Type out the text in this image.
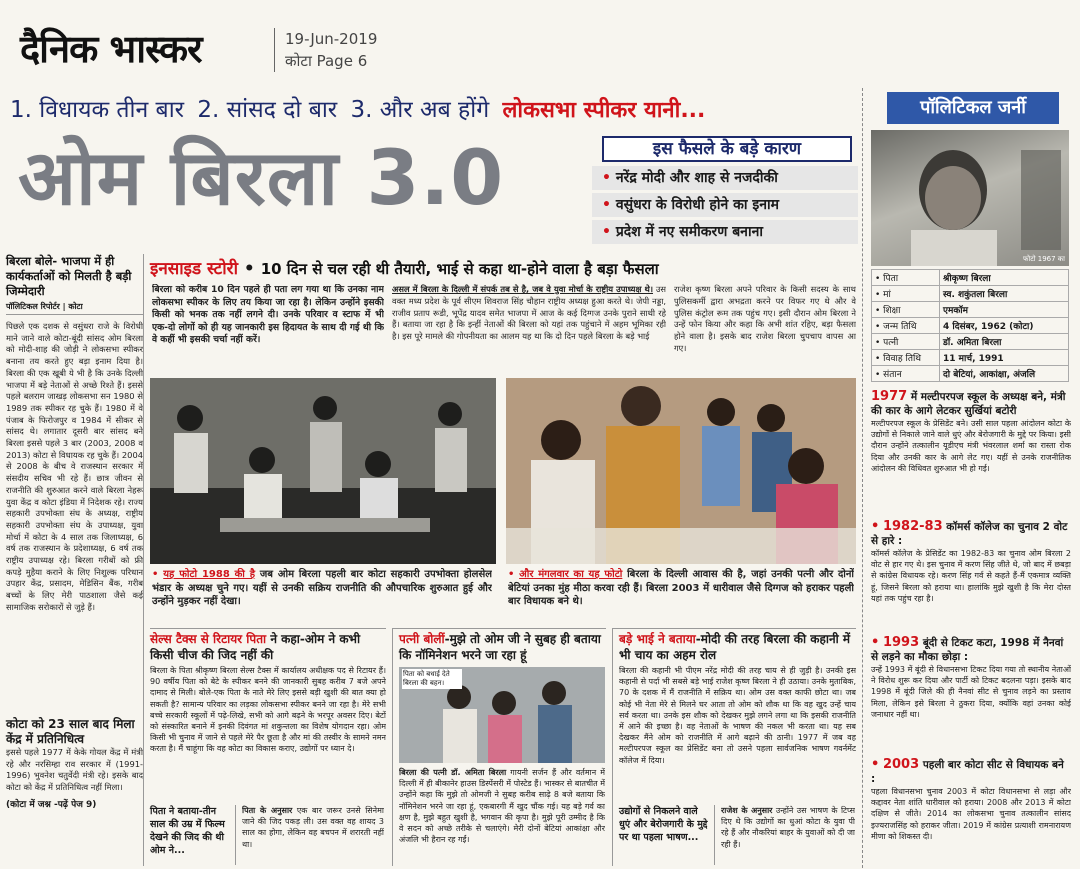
दैनिक भास्कर	19-Jun-2019
कोटा Page 6
1. विधायक तीन बार 2. सांसद दो बार 3. और अब होंगे लोकसभा स्पीकर यानी...
ओम बिरला 3.0	इस फैसले के बड़े कारण
• नरेंद्र मोदी और शाह से नजदीकी
• वसुंधरा के विरोधी होने का इनाम
• प्रदेश में नए समीकरण बनाना
पॉलिटिकल जर्नी
फोटो 1967 का
• पिता	श्रीकृष्ण बिरला
• मां	स्व. शकुंतला बिरला
• शिक्षा	एमकॉम
• जन्म तिथि	4 दिसंबर, 1962 (कोटा)
• पत्नी	डॉ. अमिता बिरला
• विवाह तिथि	11 मार्च, 1991
• संतान	दो बेटियां, आकांक्षा, अंजलि
1977 में मल्टीपरपज स्कूल के अध्यक्ष बने, मंत्री की कार के आगे लेटकर सुर्खियां बटोरी
मल्टीपरपज स्कूल के प्रेसिडेंट बने। उसी साल पहला आंदोलन कोटा के उद्योगों से निकाले जाने वाले धुएं और बेरोजगारी के मुद्दे पर किया। इसी दौरान उन्होंने तत्कालीन यूडीएच मंत्री भंवरलाल शर्मा का रास्ता रोक दिया और उनकी कार के आगे लेट गए। यहीं से उनके राजनीतिक आंदोलन की विधिवत शुरुआत भी हो गई।
• 1982-83 कॉमर्स कॉलेज का चुनाव 2 वोट से हारे :
कॉमर्स कॉलेज के प्रेसिडेंट का 1982-83 का चुनाव ओम बिरला 2 वोट से हार गए थे। इस चुनाव में करण सिंह जीते थे, जो बाद में छबड़ा से कांग्रेस विधायक रहे। करण सिंह गर्व से कहते हैं-मैं एकमात्र व्यक्ति हूं, जिसने बिरला को हराया था। हालांकि मुझे खुशी है कि मेरा दोस्त यहां तक पहुंच रहा है।
• 1993 बूंदी से टिकट कटा, 1998 में नैनवां से लड़ने का मौका छोड़ा :
उन्हें 1993 में बूंदी से विधानसभा टिकट दिया गया तो स्थानीय नेताओं ने विरोध शुरू कर दिया और पार्टी को टिकट बदलना पड़ा। इसके बाद 1998 में बूंदी जिले की ही नैनवां सीट से चुनाव लड़ने का प्रस्ताव मिला, लेकिन इसे बिरला ने ठुकरा दिया, क्योंकि वहां उनका कोई जनाधार नहीं था।
• 2003 पहली बार कोटा सीट से विधायक बने :
पहला विधानसभा चुनाव 2003 में कोटा विधानसभा से लड़ा और कद्दावर नेता शांति धारीवाल को हराया। 2008 और 2013 में कोटा दक्षिण से जीते। 2014 का लोकसभा चुनाव तत्कालीन सांसद इज्यराजसिंह को हराकर जीता। 2019 में कांग्रेस प्रत्याशी रामनारायण मीणा को शिकस्त दी।
बिरला बोले- भाजपा में ही कार्यकर्ताओं को मिलती है बड़ी जिम्मेदारी
पॉलिटिकल रिपोर्टर | कोटा
पिछले एक दशक से वसुंधरा राजे के विरोधी माने जाने वाले कोटा-बूंदी सांसद ओम बिरला को मोदी-शाह की जोड़ी ने लोकसभा स्पीकर बनाना तय करते हुए बड़ा इनाम दिया है। बिरला की एक खूबी ये भी है कि उनके दिल्ली भाजपा में बड़े नेताओं से अच्छे रिश्ते हैं। इससे पहले बलराम जाखड़ लोकसभा सन 1980 से 1989 तक स्पीकर रह चुके हैं। 1980 में वे पंजाब के फिरोजपुर व 1984 में सीकर से सांसद थे। लगातार दूसरी बार सांसद बने बिरला इससे पहले 3 बार (2003, 2008 व 2013) कोटा से विधायक रह चुके हैं। 2004 से 2008 के बीच वे राजस्थान सरकार में संसदीय सचिव भी रहे हैं। छात्र जीवन से राजनीति की शुरुआत करने वाले बिरला नेहरू युवा केंद्र व कोटा इंडिया में निदेशक रहे। राज्य सहकारी उपभोक्ता संघ के अध्यक्ष, राष्ट्रीय सहकारी उपभोक्ता संघ के उपाध्यक्ष, युवा मोर्चा में कोटा के 4 साल तक जिलाध्यक्ष, 6 वर्ष तक राजस्थान के प्रदेशाध्यक्ष, 6 वर्ष तक राष्ट्रीय उपाध्यक्ष रहे। बिरला गरीबों को फ्री कपड़े मुहैया कराने के लिए निशुल्क परिधान उपहार केंद्र, प्रसादम, मेडिसिन बैंक, गरीब बच्चों के लिए मेरी पाठशाला जैसे कई सामाजिक सरोकारों से जुड़े हैं।
कोटा को 23 साल बाद मिला केंद्र में प्रतिनिधित्व
इससे पहले 1977 में केके गोयल केंद्र में मंत्री रहे और नरसिम्हा राव सरकार में (1991-1996) भुवनेश चतुर्वेदी मंत्री रहे। इसके बाद कोटा को केंद्र में प्रतिनिधित्व नहीं मिला।
(कोटा में जश्न -पढ़ें पेज 9)
इनसाइड स्टोरी • 10 दिन से चल रही थी तैयारी, भाई से कहा था-होने वाला है बड़ा फैसला
बिरला को करीब 10 दिन पहले ही पता लग गया था कि उनका नाम लोकसभा स्पीकर के लिए तय किया जा रहा है। लेकिन उन्होंने इसकी किसी को भनक तक नहीं लगने दी। उनके परिवार व स्टाफ में भी एक-दो लोगों को ही यह जानकारी इस हिदायत के साथ दी गई थी कि वे कहीं भी इसकी चर्चा नहीं करें।
असल में बिरला के दिल्ली में संपर्क तब से है, जब वे युवा मोर्चा के राष्ट्रीय उपाध्यक्ष थे। उस वक्त मध्य प्रदेश के पूर्व सीएम शिवराज सिंह चौहान राष्ट्रीय अध्यक्ष हुआ करते थे। जेपी नड्डा, राजीव प्रताप रूडी, भूपेंद्र यादव समेत भाजपा में आज के कई दिग्गज उनके पुराने साथी रहे हैं। बताया जा रहा है कि इन्हीं नेताओं की बिरला को यहां तक पहुंचाने में अहम भूमिका रही है। इस पूरे मामले की गोपनीयता का आलम यह था कि दो दिन पहले बिरला के बड़े भाई
राजेश कृष्ण बिरला अपने परिवार के किसी सदस्य के साथ पुलिसकर्मी द्वारा अभद्रता करने पर विफर गए थे और वे पुलिस कंट्रोल रूम तक पहुंच गए। इसी दौरान ओम बिरला ने उन्हें फोन किया और कहा कि अभी शांत रहिए, बड़ा फैसला होने वाला है। इसके बाद राजेश बिरला चुपचाप वापस आ गए।
• यह फोटो 1988 की है जब ओम बिरला पहली बार कोटा सहकारी उपभोक्ता होलसेल भंडार के अध्यक्ष चुने गए। यहीं से उनकी सक्रिय राजनीति की औपचारिक शुरुआत हुई और उन्होंने मुड़कर नहीं देखा।
• और मंगलवार का यह फोटो बिरला के दिल्ली आवास की है, जहां उनकी पत्नी और दोनों बेटियां उनका मुंह मीठा करवा रही हैं। बिरला 2003 में धारीवाल जैसे दिग्गज को हराकर पहली बार विधायक बने थे।
सेल्स टैक्स से रिटायर पिता ने कहा-ओम ने कभी किसी चीज की जिद नहीं की
बिरला के पिता श्रीकृष्ण बिरला सेल्स टैक्स में कार्यालय अधीक्षक पद से रिटायर हैं। 90 वर्षीय पिता को बेटे के स्पीकर बनने की जानकारी सुबह करीब 7 बजे अपने दामाद से मिली। बोले-एक पिता के नाते मेरे लिए इससे बड़ी खुशी की बात क्या हो सकती है? सामान्य परिवार का लड़का लोकसभा स्पीकर बनने जा रहा है। मेरे सभी बच्चे सरकारी स्कूलों में पढ़े-लिखे, सभी को आगे बढ़ने के भरपूर अवसर दिए। बेटों को संस्कारित बनाने में इनकी दिवंगत मां शकुन्तला का विशेष योगदान रहा। ओम किसी भी चुनाव में जाने से पहले मेरे पैर छूता है और मां की तस्वीर के सामने नमन करता है। मैं चाहूंगा कि वह कोटा का विकास कराए, उद्योगों पर ध्यान दे।
पिता ने बताया-तीन साल की उम्र में फिल्म देखने की जिद की थी ओम ने...
पिता के अनुसार एक बार जरूर उनसे सिनेमा जाने की जिद पकड़ ली। उस वक्त वह शायद 3 साल का होगा, लेकिन वह बचपन में शरारती नहीं था।
पत्नी बोलीं-मुझे तो ओम जी ने सुबह ही बताया कि नॉमिनेशन भरने जा रहा हूं
पिता को बधाई देते बिरला की बहन।
बिरला की पत्नी डॉ. अमिता बिरला गायनी सर्जन हैं और वर्तमान में दिल्ली में ही बीकानेर हाउस डिस्पेंसरी में पोस्टेड हैं। भास्कर से बातचीत में उन्होंने कहा कि मुझे तो ओमजी ने सुबह करीब साढ़े 8 बजे बताया कि नॉमिनेशन भरने जा रहा हूं, एकबारगी मैं खुद चौंक गई। यह बड़े गर्व का क्षण है, मुझे बहुत खुशी है, भगवान की कृपा है। मुझे पूरी उम्मीद है कि वे सदन को अच्छे तरीके से चलाएंगे। मेरी दोनों बेटियां आकांक्षा और अंजलि भी हैरान रह गईं।
बड़े भाई ने बताया-मोदी की तरह बिरला की कहानी में भी चाय का अहम रोल
बिरला की कहानी भी पीएम नरेंद्र मोदी की तरह चाय से ही जुड़ी है। उनकी इस कहानी से पर्दा भी सबसे बड़े भाई राजेश कृष्ण बिरला ने ही उठाया। उनके मुताबिक, 70 के दशक में मैं राजनीति में सक्रिय था। ओम उस वक्त काफी छोटा था। जब कोई भी नेता मेरे से मिलने घर आता तो ओम को शौक था कि वह खुद उन्हें चाय सर्व करता था। उनके इस शौक को देखकर मुझे लगने लगा था कि इसकी राजनीति में आने की इच्छा है। वह नेताओं के भाषण की नकल भी करता था। यह सब देखकर मैंने ओम को राजनीति में आगे बढ़ाने की ठानी। 1977 में जब वह मल्टीपरपज स्कूल का प्रेसिडेंट बना तो उसने पहला सार्वजनिक भाषण गवर्नमेंट कॉलेज में दिया।
उद्योगों से निकलने वाले धुएं और बेरोजगारी के मुद्दे पर था पहला भाषण...
राजेश के अनुसार उन्होंने उस भाषण के टिप्स दिए थे कि उद्योगों का धुआं कोटा के युवा पी रहे हैं और नौकरियां बाहर के युवाओं को दी जा रही हैं।
